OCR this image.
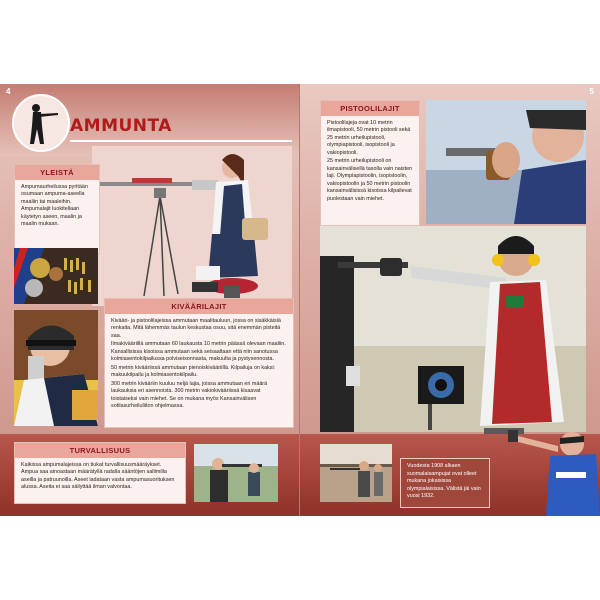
4
AMMUNTA
YLEISTÄ
Ampumaurheilussa pyritään osumaan ampuma-aseella maaliin tai maaleihin. Ampumalajit luokitellaan käytetyn aseen, maalin ja maalin mukaan.
KIVÄÄRILAJIT

Kivääri- ja pistoolilajeissa ammutaan maalitauluun, jossa on sisäkkäisiä renkaita. Mitä lähemmäs taulun keskustaa osuu, sitä enemmän pisteitä saa.

Ilmakivääriillä ammutaan 60 laukausta 10 metrin päässä olevaan maaliin. Kansallisissa kisoissa ammutaan sekä seisaaltaan että niin sanotussa kolmiasentokilpailussa polviseisonnasta, makuulta ja pystysennosta.

50 metrin kivääriissä ammutaan pienoiskivääriillä. Kilpailuja on kaksi: makuukilpailu ja kolmiasentokilpailu.

300 metrin kivääriin kuuluu neljä lajia, joissa ammutaan eri määrä laukauksia eri asennoista. 300 metrin vakiokivääriissä kisaavat toistaiseksi vain miehet. Se on mukana myös Kansainvälisen sotilasurheiluliiton ohjelmassa.

TURVALLISUUS
Kaikissa ampumalajeissa on tiukat turvallisuusmääräykset. Ampua saa ainoastaan määrätyllä radalla sääntöjen sallimilla aseilla ja patruunoilla. Aseet ladataan vasta ampumasuorituksen alussa. Aseita ei saa säilyttää ilman valvontaa.
5
PISTOOLILAJIT

Pistoolilajeja ovat 10 metrin ilmapistooli, 50 metrin pistooli sekä 25 metrin urheilupistooli, olympiapistooli, isopistooli ja vakiopistooli.

25 metrin urheilupistooli on kansainvälisellä tasolla vain naisten laji. Olympiapistoolin, isopistoolin, vakiopistoolin ja 50 metrin pistoolin kansainvälisissä kisoissa kilpailevat puolestaan vain miehet.

Vuodesta 1908 alkaen suomalaisampujat ovat olleet mukana jokaisissa olympialaisissa. Välistä jäi vain vuosi 1932.
